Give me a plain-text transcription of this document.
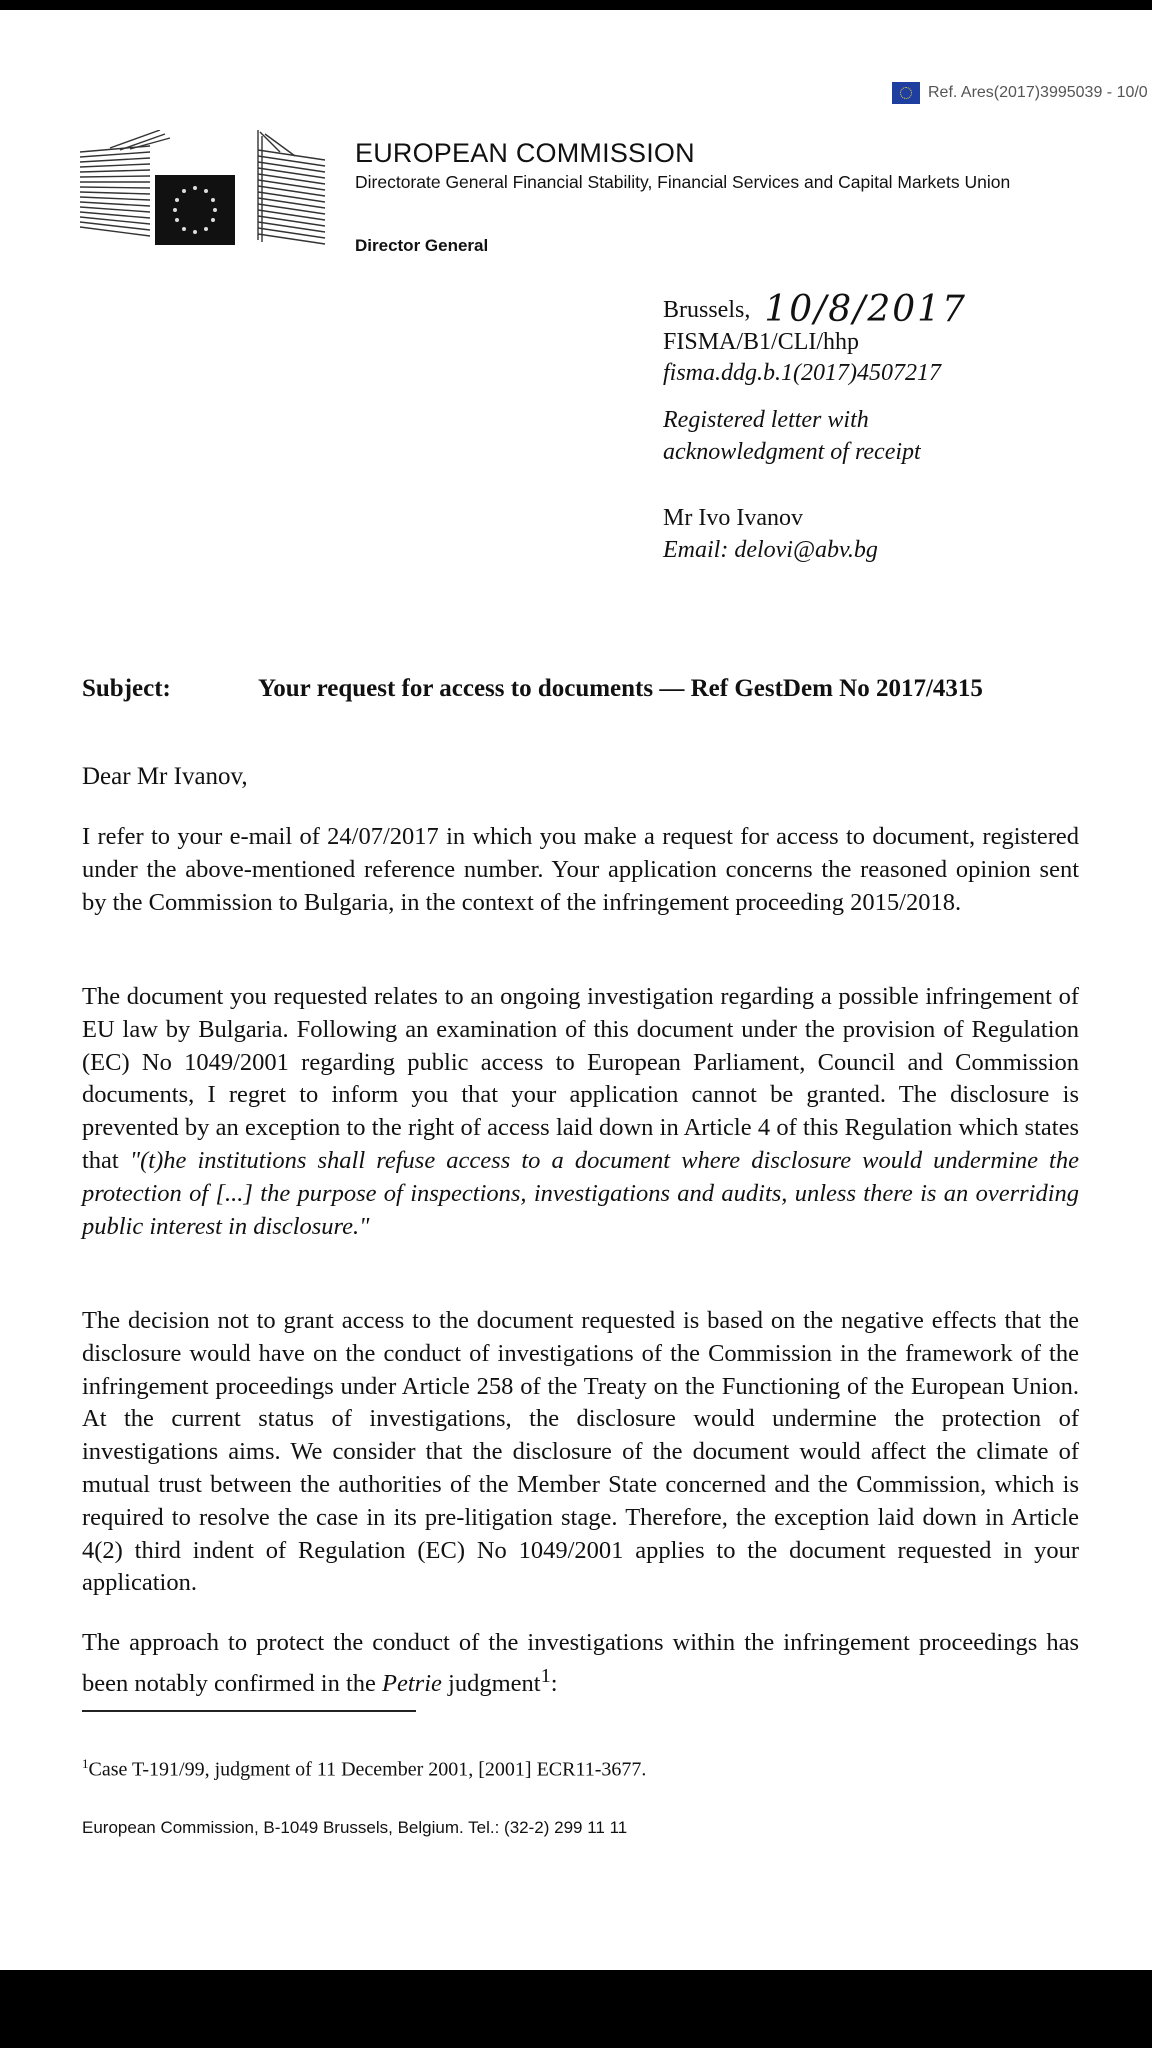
Ref. Ares(2017)3995039 - 10/0
EUROPEAN COMMISSION
Directorate General Financial Stability, Financial Services and Capital Markets Union
Director General
Brussels, 10/8/2017
FISMA/B1/CLI/hhp
fisma.ddg.b.1(2017)4507217
Registered letter with
acknowledgment of receipt
Mr Ivo Ivanov
Email: delovi@abv.bg
Subject:	Your request for access to documents — Ref GestDem No 2017/4315
Dear Mr Ivanov,
I refer to your e-mail of 24/07/2017 in which you make a request for access to document, registered under the above-mentioned reference number. Your application concerns the reasoned opinion sent by the Commission to Bulgaria, in the context of the infringement proceeding 2015/2018.
The document you requested relates to an ongoing investigation regarding a possible infringement of EU law by Bulgaria. Following an examination of this document under the provision of Regulation (EC) No 1049/2001 regarding public access to European Parliament, Council and Commission documents, I regret to inform you that your application cannot be granted. The disclosure is prevented by an exception to the right of access laid down in Article 4 of this Regulation which states that "(t)he institutions shall refuse access to a document where disclosure would undermine the protection of [...] the purpose of inspections, investigations and audits, unless there is an overriding public interest in disclosure."
The decision not to grant access to the document requested is based on the negative effects that the disclosure would have on the conduct of investigations of the Commission in the framework of the infringement proceedings under Article 258 of the Treaty on the Functioning of the European Union. At the current status of investigations, the disclosure would undermine the protection of investigations aims. We consider that the disclosure of the document would affect the climate of mutual trust between the authorities of the Member State concerned and the Commission, which is required to resolve the case in its pre-litigation stage. Therefore, the exception laid down in Article 4(2) third indent of Regulation (EC) No 1049/2001 applies to the document requested in your application.
The approach to protect the conduct of the investigations within the infringement proceedings has been notably confirmed in the Petrie judgment$^1$:
$^1$Case T-191/99, judgment of 11 December 2001, [2001] ECR11-3677.
European Commission, B-1049 Brussels, Belgium. Tel.: (32-2) 299 11 11
